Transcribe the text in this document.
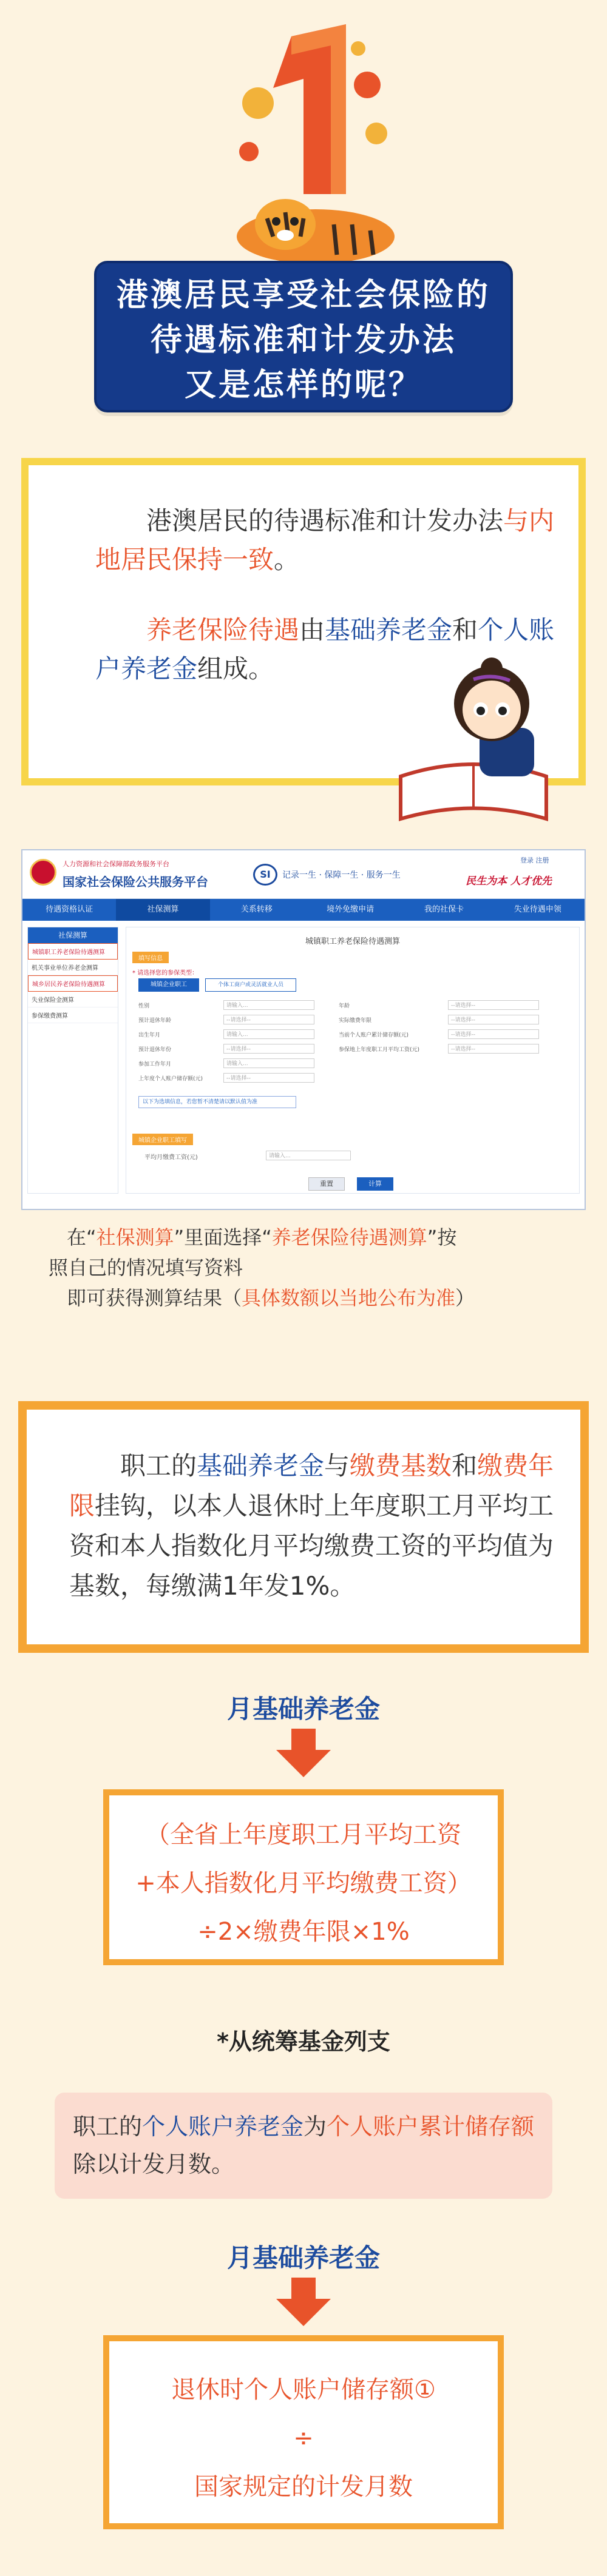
港澳居民享受社会保险的
待遇标准和计发办法
又是怎样的呢？
港澳居民的待遇标准和计发办法与内地居民保持一致。
养老保险待遇由基础养老金和个人账户养老金组成。
人力资源和社会保障部政务服务平台
国家社会保险公共服务平台
SI	记录一生 · 保障一生 · 服务一生
登录 注册
民生为本 人才优先
待遇资格认证	社保测算	关系转移	境外免缴申请	我的社保卡	失业待遇申领
社保测算
城镇职工养老保险待遇测算
机关事业单位养老金测算
城乡居民养老保险待遇测算
失业保险金测算
参保缴费测算
城镇职工养老保险待遇测算
填写信息
* 请选择您的参保类型：
城镇企业职工	个体工商户或灵活就业人员
性别	请输入...	年龄	--请选择--
预计退休年龄	--请选择--	实际缴费年限	--请选择--
出生年月	请输入...	当前个人账户累计储存额(元)	--请选择--
预计退休年份	--请选择--	参保地上年度职工月平均工资(元)	--请选择--
参加工作年月	请输入...
上年度个人账户储存额(元)	--请选择--
以下为选填信息，若您暂不清楚请以默认值为准
城镇企业职工填写
平均月缴费工资(元)	请输入...
重置	计算
在“社保测算”里面选择“养老保险待遇测算”按
照自己的情况填写资料
即可获得测算结果（具体数额以当地公布为准）
职工的基础养老金与缴费基数和缴费年限挂钩，以本人退休时上年度职工月平均工资和本人指数化月平均缴费工资的平均值为基数，每缴满1年发1%。
月基础养老金
（全省上年度职工月平均工资
+本人指数化月平均缴费工资）
÷2×缴费年限×1%
*从统筹基金列支
职工的个人账户养老金为个人账户累计储存额除以计发月数。
月基础养老金
退休时个人账户储存额①
÷
国家规定的计发月数
